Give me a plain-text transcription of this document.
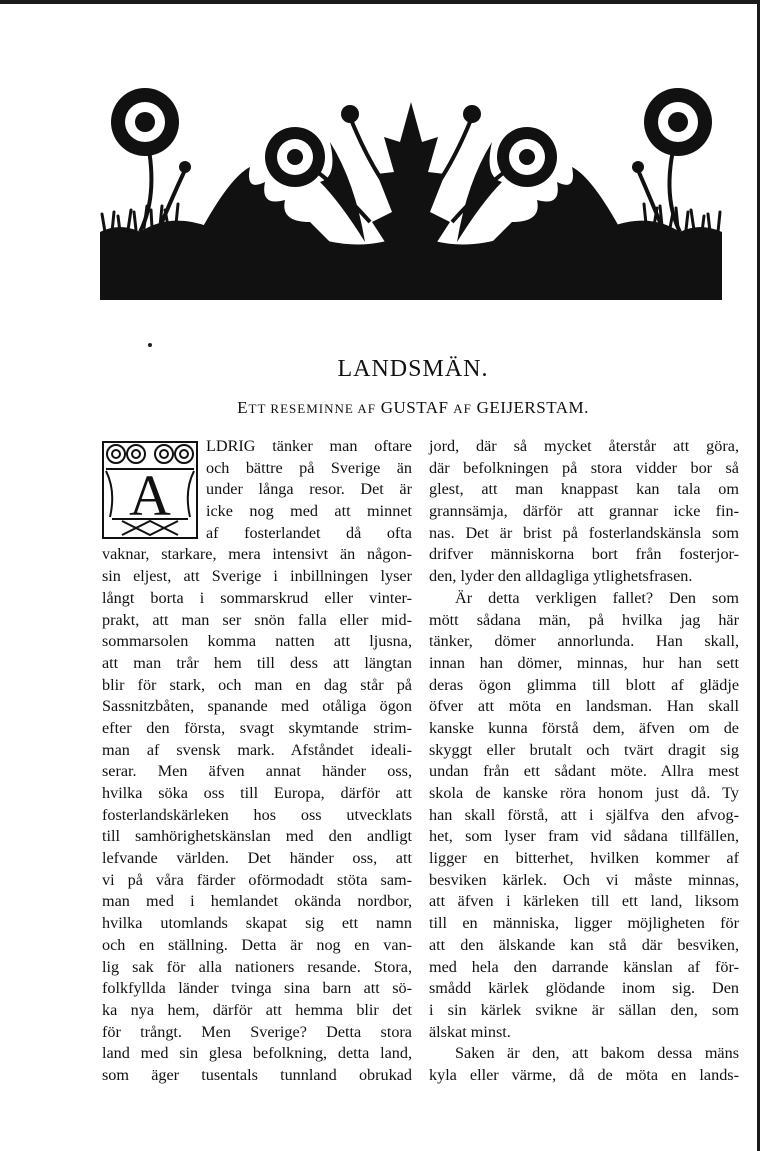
LANDSMÄN.

ETT RESEMINNE AF GUSTAF AF GEIJERSTAM.

A
LDRIG tänker man oftare
och bättre på Sverige än
under långa resor. Det är
icke nog med att minnet
af fosterlandet då ofta
vaknar, starkare, mera intensivt än någon-
sin eljest, att Sverige i inbillningen lyser
långt borta i sommarskrud eller vinter-
prakt, att man ser snön falla eller mid-
sommarsolen komma natten att ljusna,
att man trår hem till dess att längtan
blir för stark, och man en dag står på
Sassnitzbåten, spanande med otåliga ögon
efter den första, svagt skymtande strim-
man af svensk mark. Afståndet ideali-
serar. Men äfven annat händer oss,
hvilka söka oss till Europa, därför att
fosterlandskärleken hos oss utvecklats
till samhörighetskänslan med den andligt
lefvande världen. Det händer oss, att
vi på våra färder oförmodadt stöta sam-
man med i hemlandet okända nordbor,
hvilka utomlands skapat sig ett namn
och en ställning. Detta är nog en van-
lig sak för alla nationers resande. Stora,
folkfyllda länder tvinga sina barn att sö-
ka nya hem, därför att hemma blir det
för trångt. Men Sverige? Detta stora
land med sin glesa befolkning, detta land,
som äger tusentals tunnland obrukad
jord, där så mycket återstår att göra,
där befolkningen på stora vidder bor så
glest, att man knappast kan tala om
grannsämja, därför att grannar icke fin-
nas. Det är brist på fosterlandskänsla som
drifver människorna bort från fosterjor-
den, lyder den alldagliga ytlighetsfrasen.
Är detta verkligen fallet? Den som
mött sådana män, på hvilka jag här
tänker, dömer annorlunda. Han skall,
innan han dömer, minnas, hur han sett
deras ögon glimma till blott af glädje
öfver att möta en landsman. Han skall
kanske kunna förstå dem, äfven om de
skyggt eller brutalt och tvärt dragit sig
undan från ett sådant möte. Allra mest
skola de kanske röra honom just då. Ty
han skall förstå, att i själfva den afvog-
het, som lyser fram vid sådana tillfällen,
ligger en bitterhet, hvilken kommer af
besviken kärlek. Och vi måste minnas,
att äfven i kärleken till ett land, liksom
till en människa, ligger möjligheten för
att den älskande kan stå där besviken,
med hela den darrande känslan af för-
smådd kärlek glödande inom sig. Den
i sin kärlek svikne är sällan den, som
älskat minst.
Saken är den, att bakom dessa mäns
kyla eller värme, då de möta en lands-
